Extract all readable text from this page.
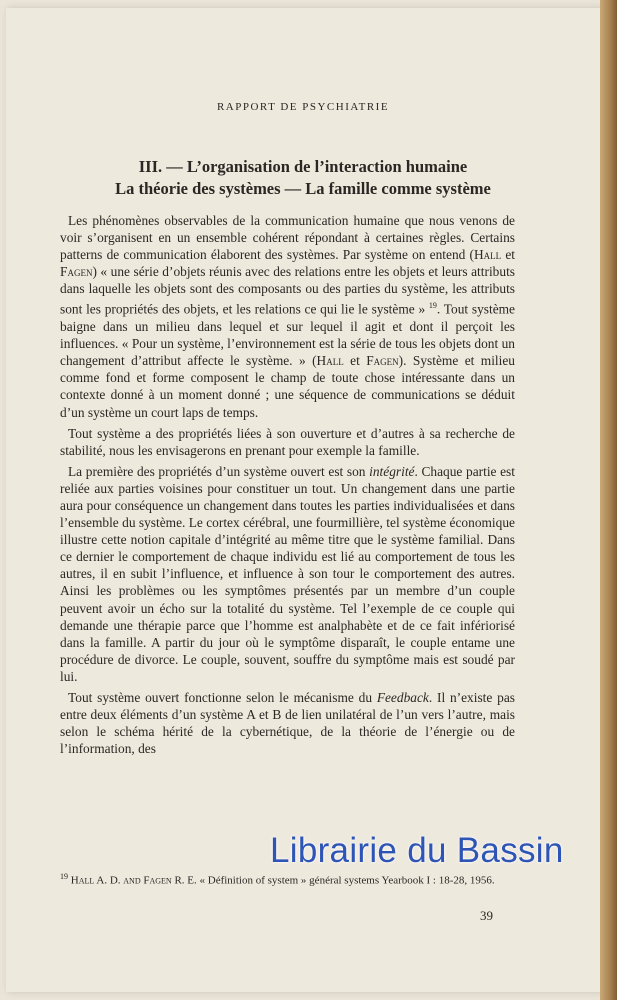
RAPPORT DE PSYCHIATRIE
III. — L’organisation de l’interaction humaine
La théorie des systèmes — La famille comme système

Les phénomènes observables de la communication humaine que nous venons de voir s’organisent en un ensemble cohérent répondant à certaines règles. Certains patterns de communication élaborent des systèmes. Par système on entend (Hall et Fagen) « une série d’objets réunis avec des relations entre les objets et leurs attributs dans laquelle les objets sont des composants ou des parties du système, les attributs sont les propriétés des objets, et les relations ce qui lie le système » $^{19}$. Tout système baigne dans un milieu dans lequel et sur lequel il agit et dont il perçoit les influences. « Pour un système, l’environnement est la série de tous les objets dont un changement d’attribut affecte le système. » (Hall et Fagen). Système et milieu comme fond et forme composent le champ de toute chose intéressante dans un contexte donné à un moment donné ; une séquence de communications se déduit d’un système un court laps de temps.

Tout système a des propriétés liées à son ouverture et d’autres à sa recherche de stabilité, nous les envisagerons en prenant pour exemple la famille.

La première des propriétés d’un système ouvert est son intégrité. Chaque partie est reliée aux parties voisines pour constituer un tout. Un changement dans une partie aura pour conséquence un changement dans toutes les parties individualisées et dans l’ensemble du système. Le cortex cérébral, une fourmillière, tel système économique illustre cette notion capitale d’intégrité au même titre que le système familial. Dans ce dernier le comportement de chaque individu est lié au comportement de tous les autres, il en subit l’influence, et influence à son tour le comportement des autres. Ainsi les problèmes ou les symptômes présentés par un membre d’un couple peuvent avoir un écho sur la totalité du système. Tel l’exemple de ce couple qui demande une thérapie parce que l’homme est analphabète et de ce fait infériorisé dans la famille. A partir du jour où le symptôme disparaît, le couple entame une procédure de divorce. Le couple, souvent, souffre du symptôme mais est soudé par lui.

Tout système ouvert fonctionne selon le mécanisme du Feedback. Il n’existe pas entre deux éléments d’un système A et B de lien unilatéral de l’un vers l’autre, mais selon le schéma hérité de la cybernétique, de la théorie de l’énergie ou de l’information, des

$^{19}$ Hall A. D. and Fagen R. E. « Définition of system » général systems Yearbook I : 18-28, 1956.
39
Librairie du Bassin
